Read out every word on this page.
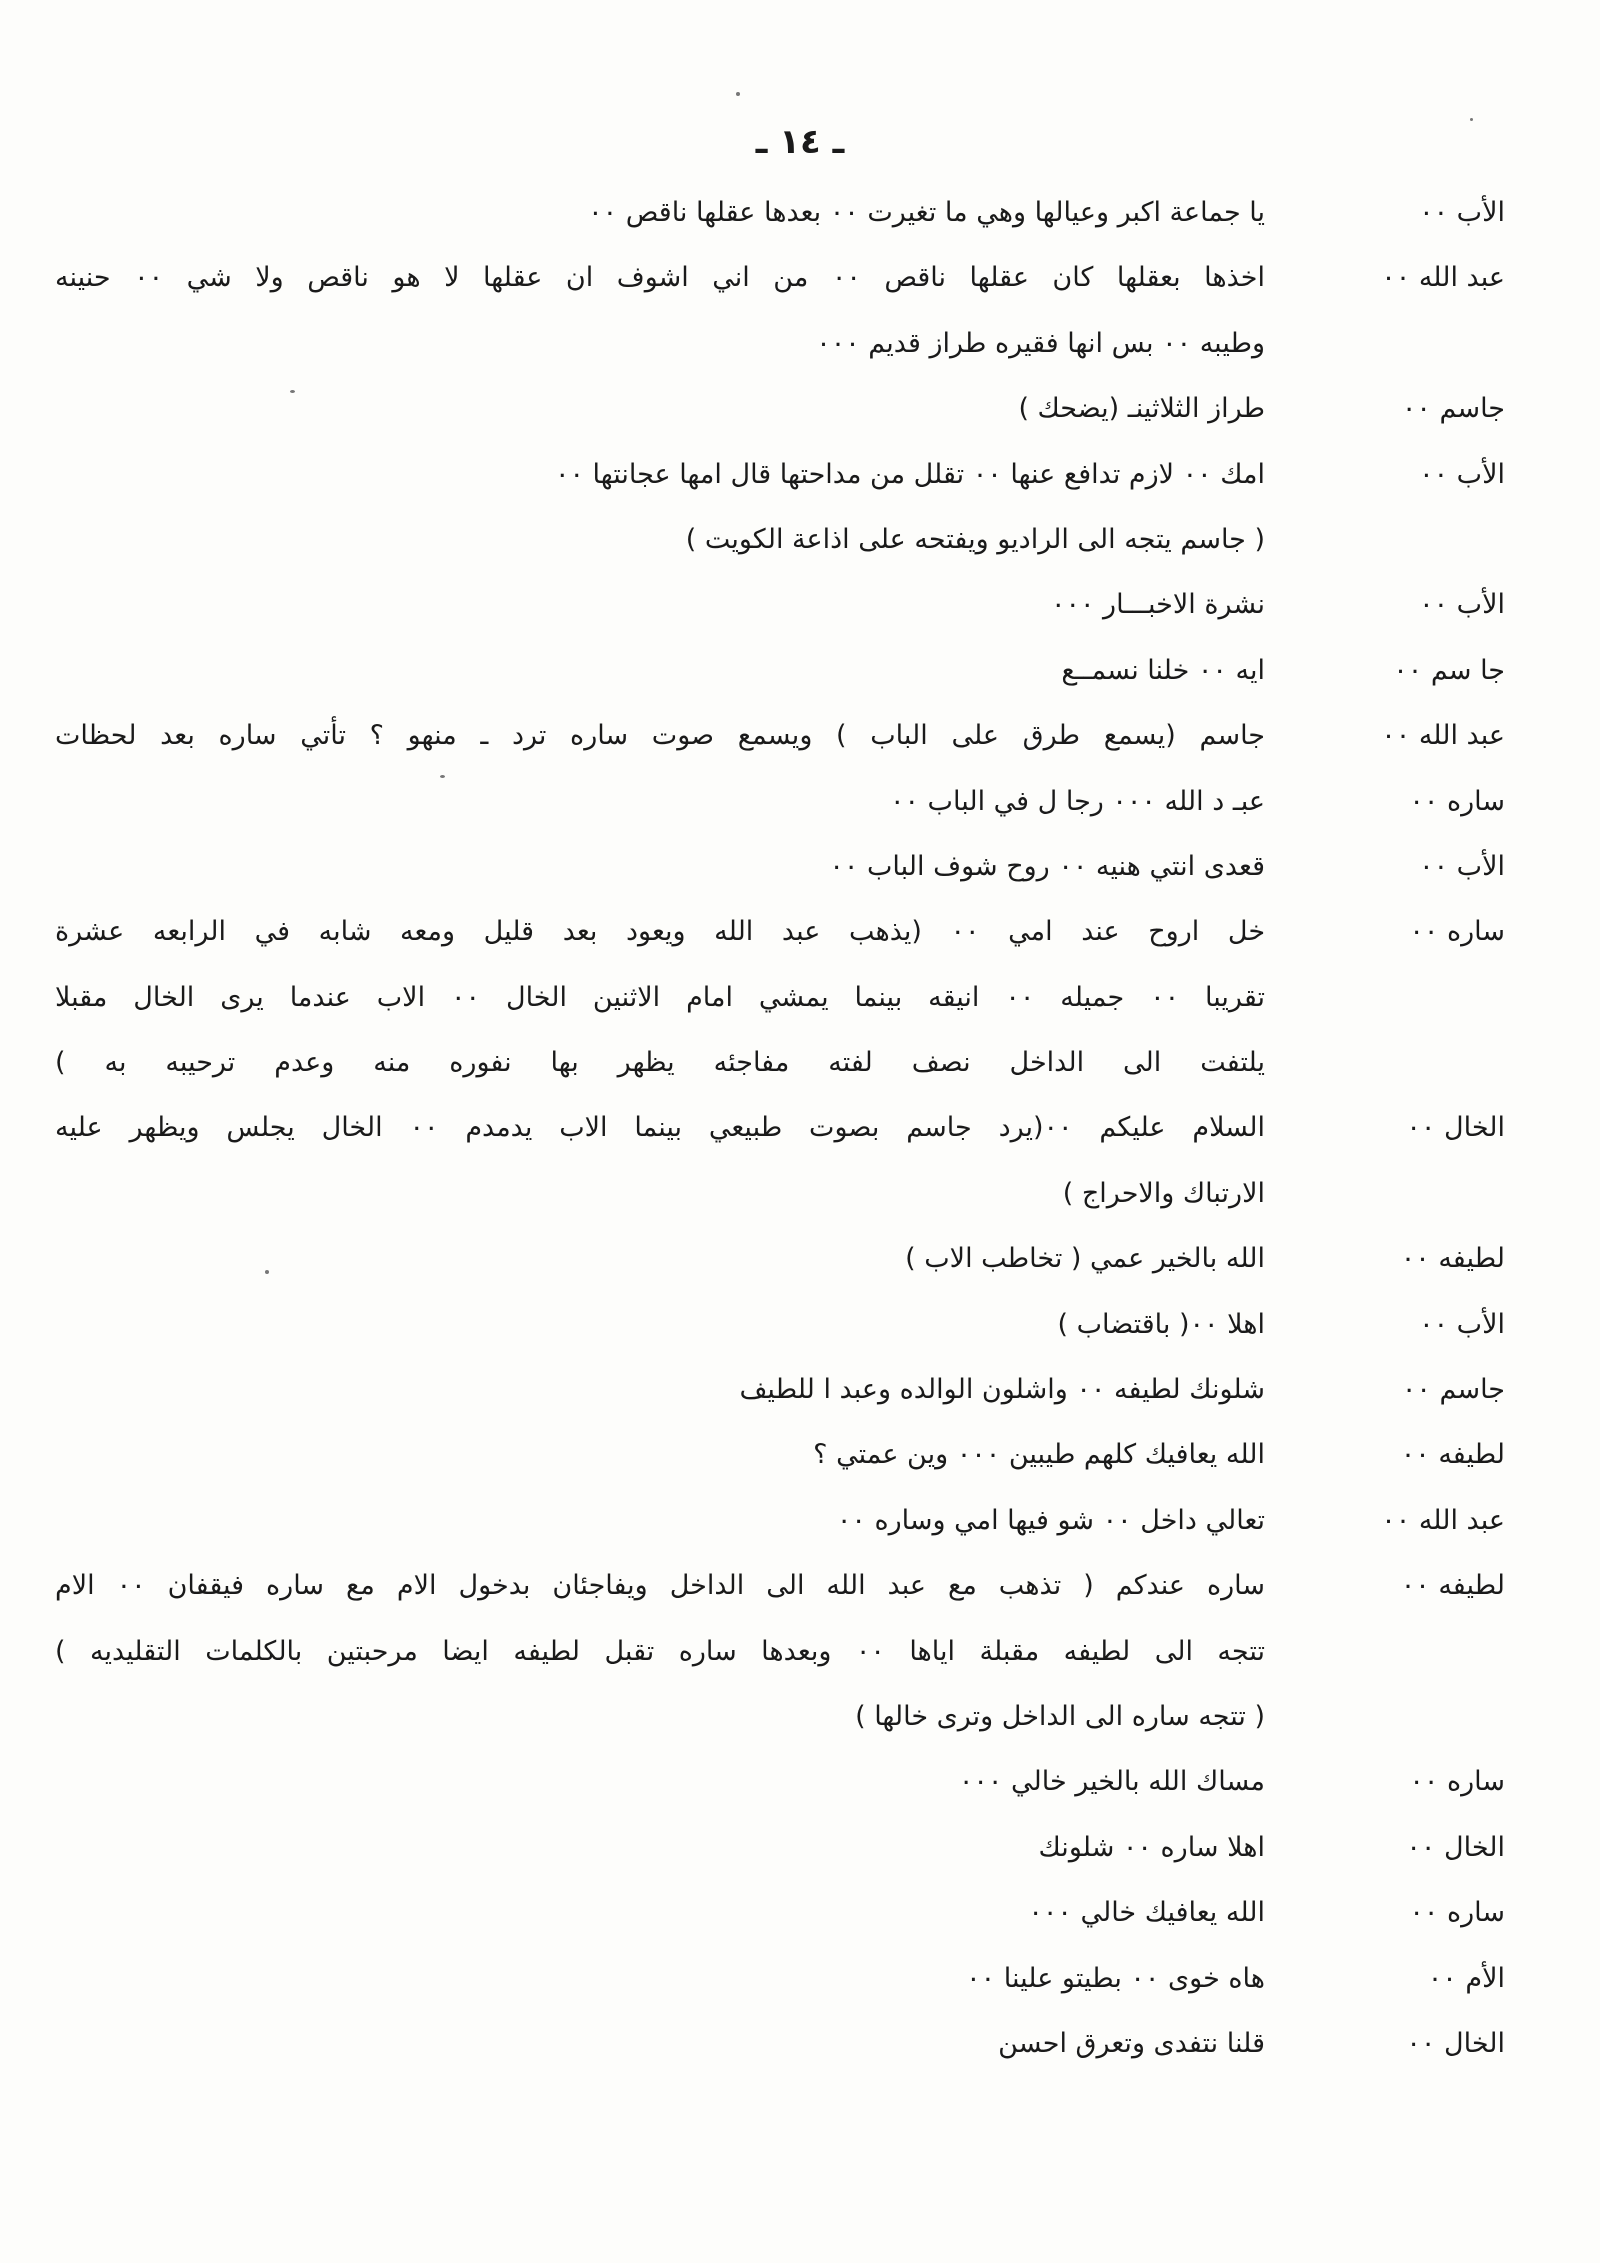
ـ ١٤ ـ
الأب ٠٠
يا جماعة اكبر وعيالها وهي ما تغيرت ٠٠ بعدها عقلها ناقص ٠٠
عبد الله ٠٠
اخذها بعقلها كان عقلها ناقص ٠٠ من اني اشوف ان عقلها لا هو ناقص ولا شي ٠٠ حنينه
وطيبه ٠٠ بس انها فقيره طراز قديم ٠٠٠
جاسم ٠٠
طراز الثلاثينـ (يضحك )
الأب ٠٠
امك ٠٠ لازم تدافع عنها ٠٠ تقلل من مداحتها قال امها عجانتها ٠٠
( جاسم يتجه الى الراديو ويفتحه على اذاعة الكويت )
الأب ٠٠
نشرة الاخبـــار ٠٠٠
جا سم ٠٠
ايه ٠٠ خلنا نسمــع
عبد الله ٠٠
جاسم (يسمع طرق على الباب ) ويسمع صوت ساره ترد ـ منهو ؟ تأتي ساره بعد لحظات
ساره ٠٠
عبـ د الله ٠٠٠ رجا ل في الباب ٠٠
الأب ٠٠
قعدى انتي هنيه ٠٠ روح شوف الباب ٠٠
ساره ٠٠
خل اروح عند امي ٠٠ (يذهب عبد الله ويعود بعد قليل ومعه شابه في الرابعه عشرة
تقريبا ٠٠ جميله ٠٠ انيقه بينما يمشي امام الاثنين الخال ٠٠ الاب عندما يرى الخال مقبلا
يلتفت الى الداخل نصف لفته مفاجئه يظهر بها نفوره منه وعدم ترحيبه به )
الخال ٠٠
السلام عليكم ٠٠(يرد جاسم بصوت طبيعي بينما الاب يدمدم ٠٠ الخال يجلس ويظهر عليه
الارتباك والاحراج )
لطيفه ٠٠
الله بالخير عمي ( تخاطب الاب )
الأب ٠٠
اهلا ٠٠( باقتضاب )
جاسم ٠٠
شلونك لطيفه ٠٠ واشلون الوالده وعبد ا للطيف
لطيفه ٠٠
الله يعافيك كلهم طيبين ٠٠٠ وين عمتي ؟
عبد الله ٠٠
تعالي داخل ٠٠ شو فيها امي وساره ٠٠
لطيفه ٠٠
ساره عندكم ( تذهب مع عبد الله الى الداخل ويفاجئان بدخول الام مع ساره فيقفان ٠٠ الام
تتجه الى لطيفه مقبلة اياها ٠٠ وبعدها ساره تقبل لطيفه ايضا مرحبتين بالكلمات التقليديه )
( تتجه ساره الى الداخل وترى خالها )
ساره ٠٠
مساك الله بالخير خالي ٠٠٠
الخال ٠٠
اهلا ساره ٠٠ شلونك
ساره ٠٠
الله يعافيك خالي ٠٠٠
الأم ٠٠
هاه خوى ٠٠ بطيتو علينا ٠٠
الخال ٠٠
قلنا نتفدى وتعرق احسن
